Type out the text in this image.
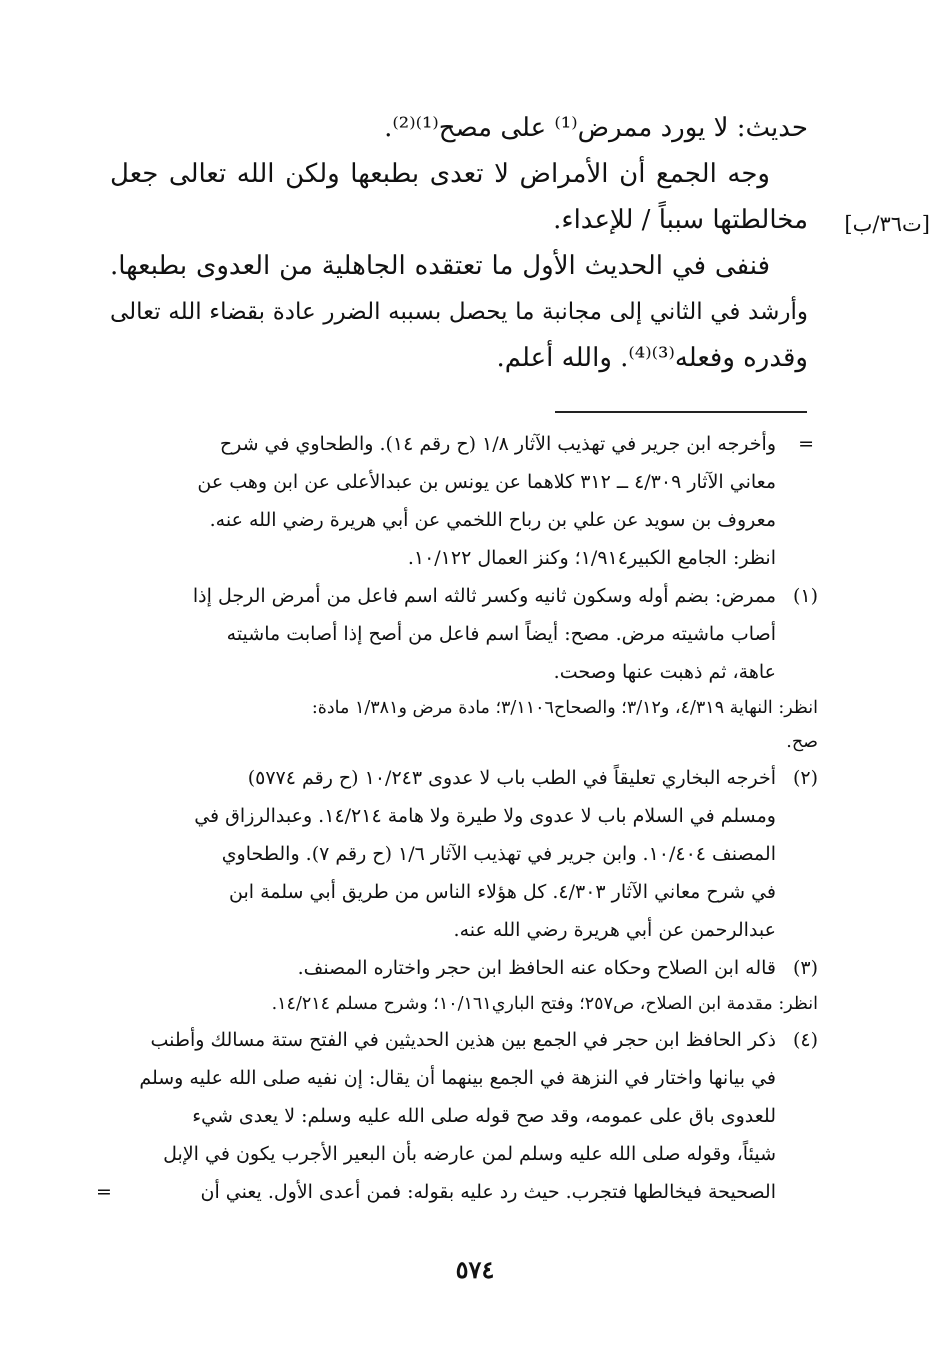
حديث: لا يورد ممرض⁽¹⁾ على مصح⁽¹⁾⁽²⁾.
وجه الجمع أن الأمراض لا تعدى بطبعها ولكن الله تعالى جعل
مخالطتها سبباً / للإعداء.
فنفى في الحديث الأول ما تعتقده الجاهلية من العدوى بطبعها.
وأرشد في الثاني إلى مجانبة ما يحصل بسببه الضرر عادة بقضاء الله تعالى
وقدره وفعله⁽³⁾⁽⁴⁾. والله أعلم.
[ت٣٦/ب]
=
وأخرجه ابن جرير في تهذيب الآثار ١/٨ (ح رقم ١٤). والطحاوي في شرح
معاني الآثار ٤/٣٠٩ ــ ٣١٢ كلاهما عن يونس بن عبدالأعلى عن ابن وهب عن
معروف بن سويد عن علي بن رباح اللخمي عن أبي هريرة رضي الله عنه.
انظر: الجامع الكبير١/٩١٤؛ وكنز العمال ١٠/١٢٢.
(١)
ممرض: بضم أوله وسكون ثانيه وكسر ثالثه اسم فاعل من أمرض الرجل إذا
أصاب ماشيته مرض. مصح: أيضاً اسم فاعل من أصح إذا أصابت ماشيته
عاهة، ثم ذهبت عنها وصحت.
انظر: النهاية ٤/٣١٩، و٣/١٢؛ والصحاح٣/١١٠٦؛ مادة مرض و١/٣٨١ مادة:
صح.
(٢)
أخرجه البخاري تعليقاً في الطب باب لا عدوى ١٠/٢٤٣ (ح رقم ٥٧٧٤)
ومسلم في السلام باب لا عدوى ولا طيرة ولا هامة ١٤/٢١٤. وعبدالرزاق في
المصنف ١٠/٤٠٤. وابن جرير في تهذيب الآثار ١/٦ (ح رقم ٧). والطحاوي
في شرح معاني الآثار ٤/٣٠٣. كل هؤلاء الناس من طريق أبي سلمة ابن
عبدالرحمن عن أبي هريرة رضي الله عنه.
(٣)
قاله ابن الصلاح وحكاه عنه الحافظ ابن حجر واختاره المصنف.
انظر: مقدمة ابن الصلاح، ص٢٥٧؛ وفتح الباري١٠/١٦١؛ وشرح مسلم ١٤/٢١٤.
(٤)
ذكر الحافظ ابن حجر في الجمع بين هذين الحديثين في الفتح ستة مسالك وأطنب
في بيانها واختار في النزهة في الجمع بينهما أن يقال: إن نفيه صلى الله عليه وسلم
للعدوى باق على عمومه، وقد صح قوله صلى الله عليه وسلم: لا يعدى شيء
شيئاً، وقوله صلى الله عليه وسلم لمن عارضه بأن البعير الأجرب يكون في الإبل
الصحيحة فيخالطها فتجرب. حيث رد عليه بقوله: فمن أعدى الأول. يعني أن
=
٥٧٤
